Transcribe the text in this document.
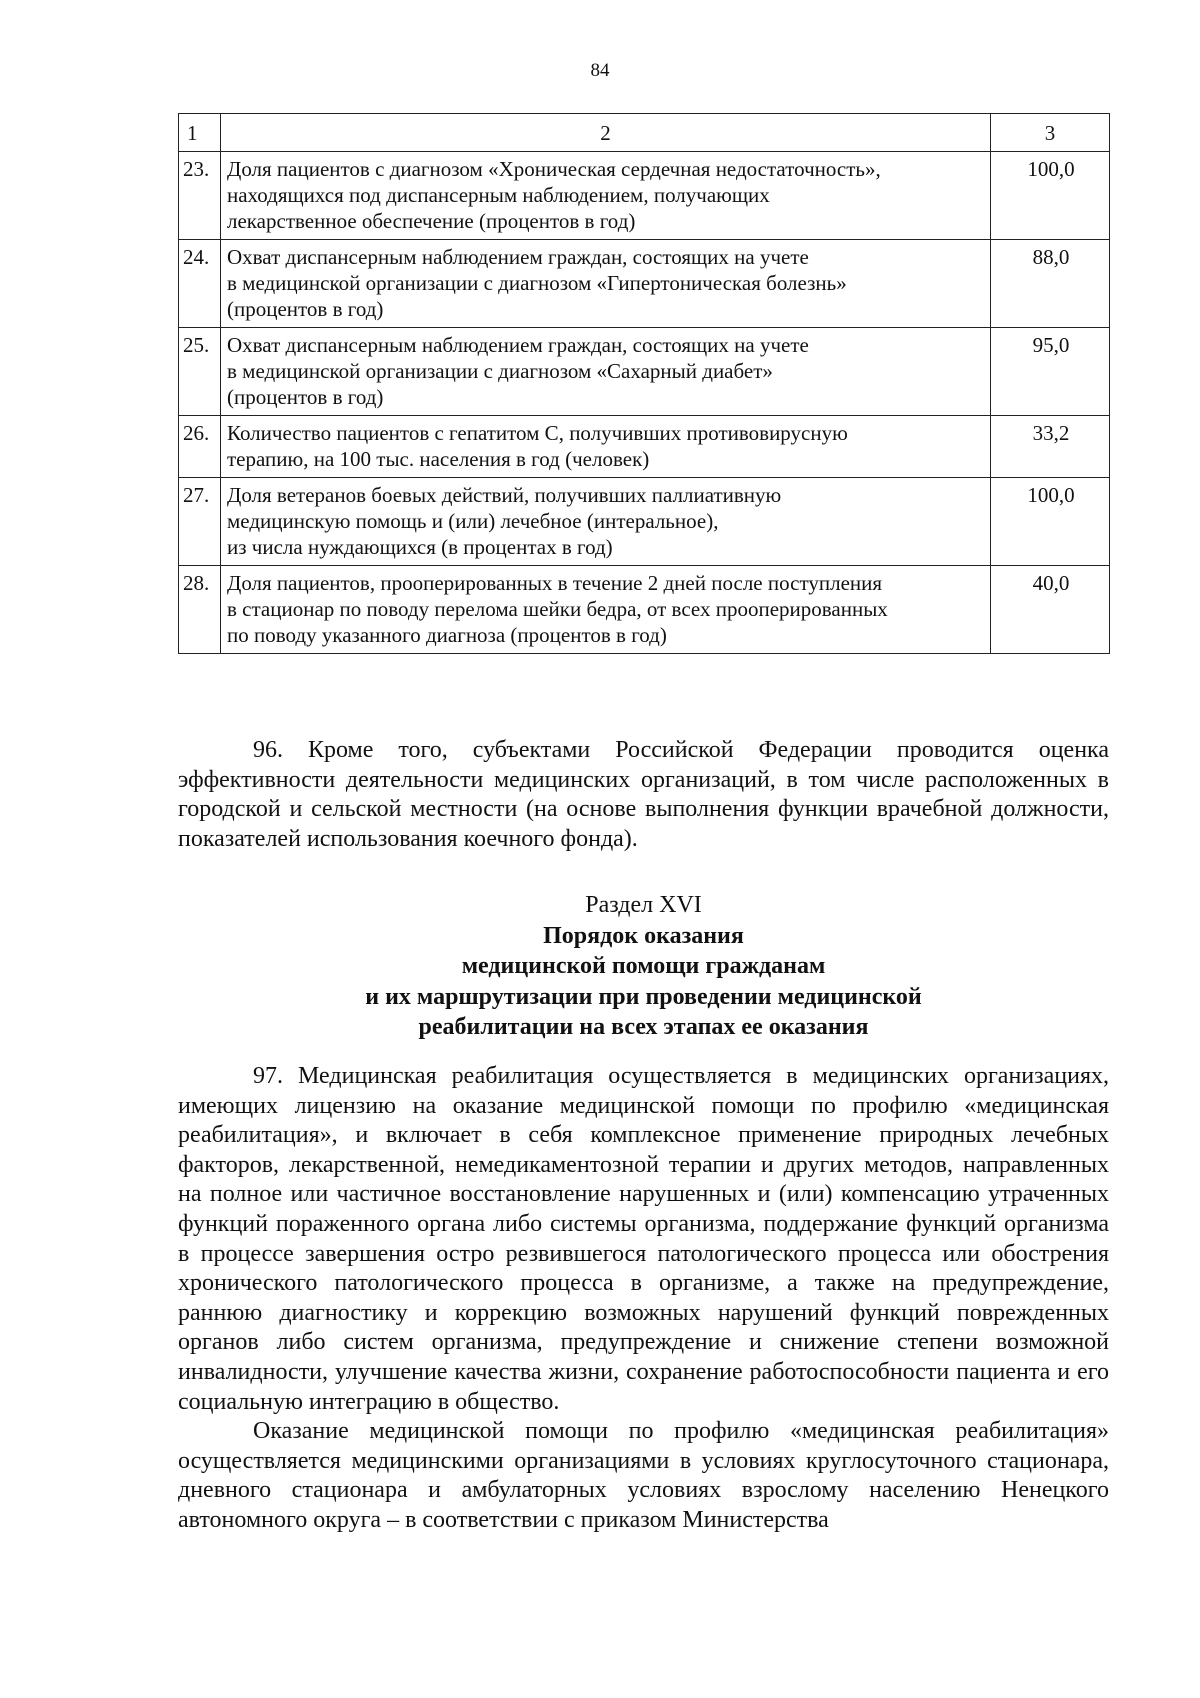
84
1	2	3
23.	Доля пациентов с диагнозом «Хроническая сердечная недостаточность»,
находящихся под диспансерным наблюдением, получающих
лекарственное обеспечение (процентов в год)	100,0
24.	Охват диспансерным наблюдением граждан, состоящих на учете
в медицинской организации с диагнозом «Гипертоническая болезнь»
(процентов в год)	88,0
25.	Охват диспансерным наблюдением граждан, состоящих на учете
в медицинской организации с диагнозом «Сахарный диабет»
(процентов в год)	95,0
26.	Количество пациентов с гепатитом С, получивших противовирусную
терапию, на 100 тыс. населения в год (человек)	33,2
27.	Доля ветеранов боевых действий, получивших паллиативную
медицинскую помощь и (или) лечебное (интеральное),
из числа нуждающихся (в процентах в год)	100,0
28.	Доля пациентов, прооперированных в течение 2 дней после поступления
в стационар по поводу перелома шейки бедра, от всех прооперированных
по поводу указанного диагноза (процентов в год)	40,0

96. Кроме того, субъектами Российской Федерации проводится оценка эффективности деятельности медицинских организаций, в том числе расположенных в городской и сельской местности (на основе выполнения функции врачебной должности, показателей использования коечного фонда).

Раздел XVI
Порядок оказания
медицинской помощи гражданам
и их маршрутизации при проведении медицинской
реабилитации на всех этапах ее оказания

97. Медицинская реабилитация осуществляется в медицинских организациях, имеющих лицензию на оказание медицинской помощи по профилю «медицинская реабилитация», и включает в себя комплексное применение природных лечебных факторов, лекарственной, немедикаментозной терапии и других методов, направленных на полное или частичное восстановление нарушенных и (или) компенсацию утраченных функций пораженного органа либо системы организма, поддержание функций организма в процессе завершения остро резвившегося патологического процесса или обострения хронического патологического процесса в организме, а также на предупреждение, раннюю диагностику и коррекцию возможных нарушений функций поврежденных органов либо систем организма, предупреждение и снижение степени возможной инвалидности, улучшение качества жизни, сохранение работоспособности пациента и его социальную интеграцию в общество.

Оказание медицинской помощи по профилю «медицинская реабилитация» осуществляется медицинскими организациями в условиях круглосуточного стационара, дневного стационара и амбулаторных условиях взрослому населению Ненецкого автономного округа – в соответствии с приказом Министерства
